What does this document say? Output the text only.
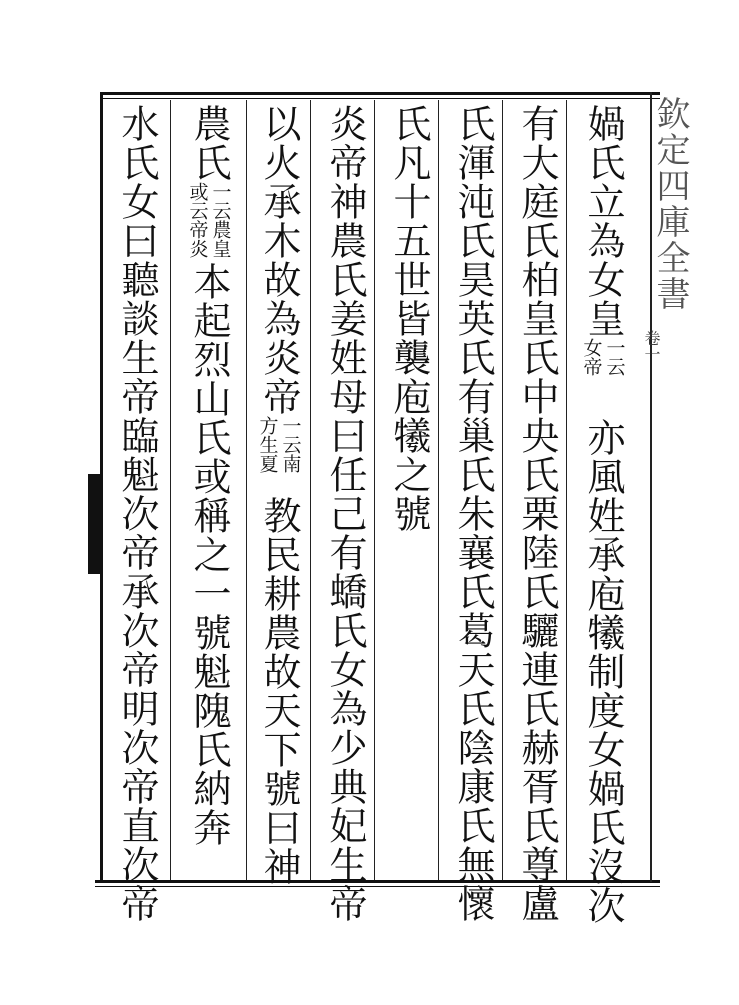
欽定四庫全書
卷一
媧氏立為女皇
一云
女帝
亦風姓承庖犧制度女媧氏沒次
有大庭氏柏皇氏中央氏栗陸氏驪連氏赫胥氏尊盧
氏渾沌氏昊英氏有巢氏朱襄氏葛天氏陰康氏無懷
氏凡十五世皆襲庖犧之號
炎帝神農氏姜姓母曰任己有蟜氏女為少典妃生帝
以火承木故為炎帝
一云南
方生夏
教民耕農故天下號曰神
農氏
一云農皇
或云帝炎
本起烈山氏或稱之一號魁隗氏納奔
水氏女曰聽談生帝臨魁次帝承次帝明次帝直次帝
